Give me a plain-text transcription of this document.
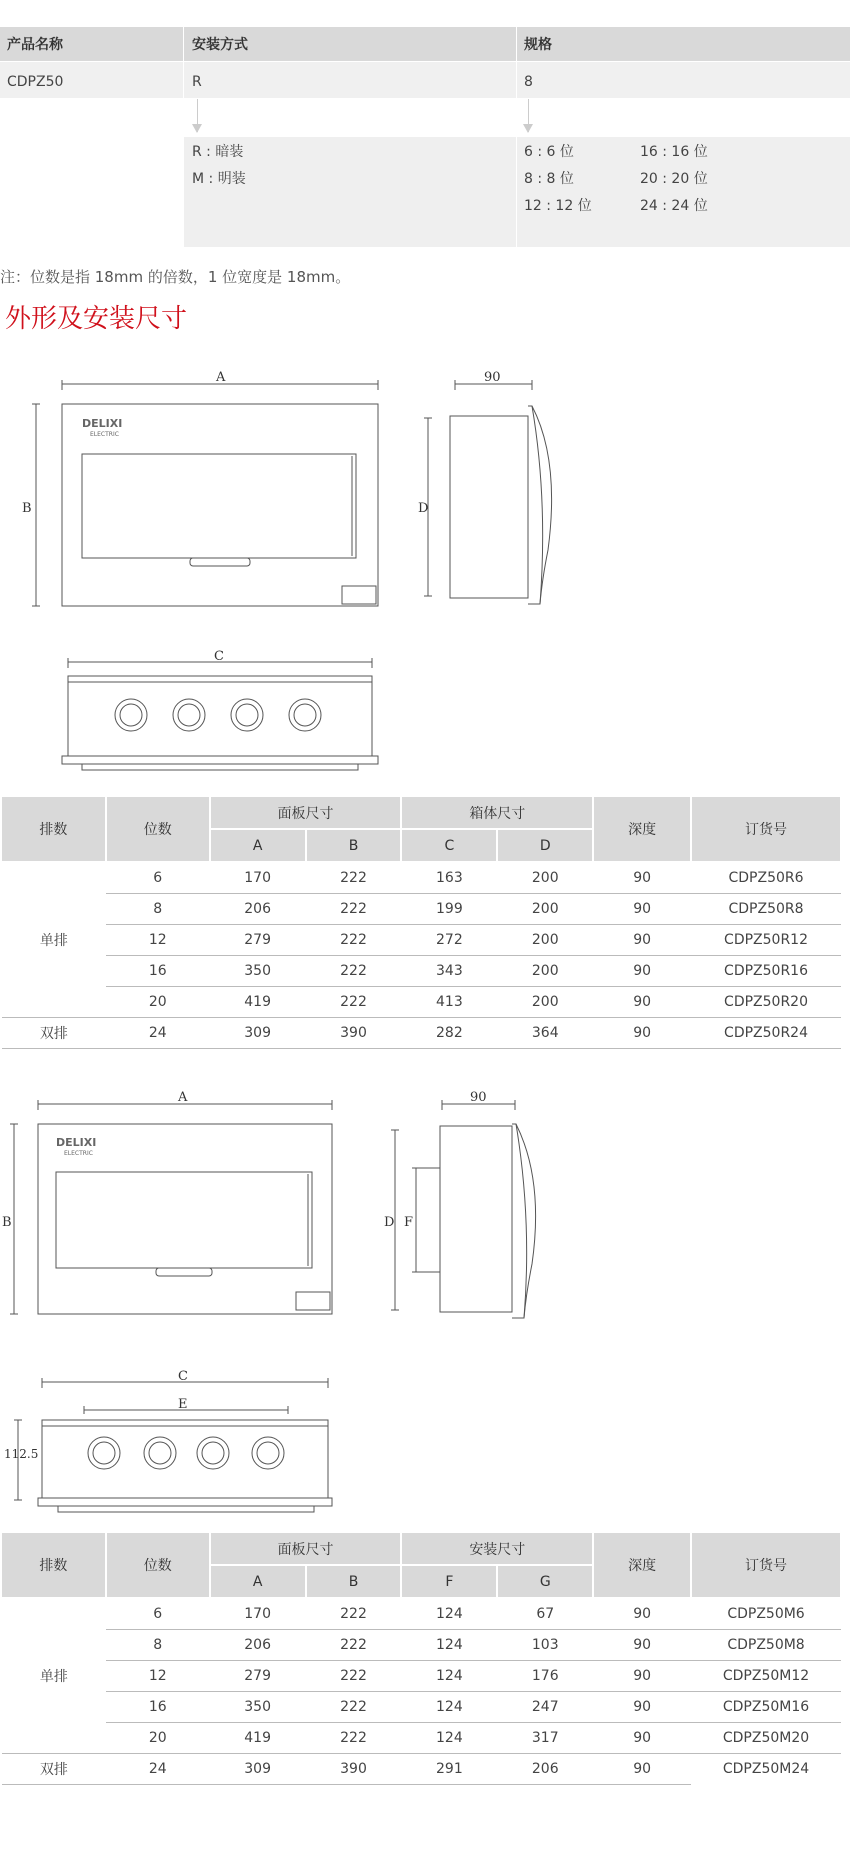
产品名称	安装方式	规格
CDPZ50	R	8
R : 暗装
M : 明装
6 : 6 位	16 : 16 位
8 : 8 位	20 : 20 位
12 : 12 位	24 : 24 位
注：位数是指 18mm 的倍数，1 位宽度是 18mm。
外形及安装尺寸
A
B
90
D
C
DELIXI
ELECTRIC
排数	位数	面板尺寸		箱体尺寸		深度	订货号
		A	B	C	D		
单排	6	170	222	163	200	90	CDPZ50R6
	8	206	222	199	200	90	CDPZ50R8
	12	279	222	272	200	90	CDPZ50R12
	16	350	222	343	200	90	CDPZ50R16
	20	419	222	413	200	90	CDPZ50R20
双排	24	309	390	282	364	90	CDPZ50R24
A
B
90
D F
C
E
112.5
DELIXI
ELECTRIC
排数	位数	面板尺寸		安装尺寸		深度	订货号
		A	B	F	G		
单排	6	170	222	124	67	90	CDPZ50M6
	8	206	222	124	103	90	CDPZ50M8
	12	279	222	124	176	90	CDPZ50M12
	16	350	222	124	247	90	CDPZ50M16
	20	419	222	124	317	90	CDPZ50M20
双排	24	309	390	291	206	90	CDPZ50M24
